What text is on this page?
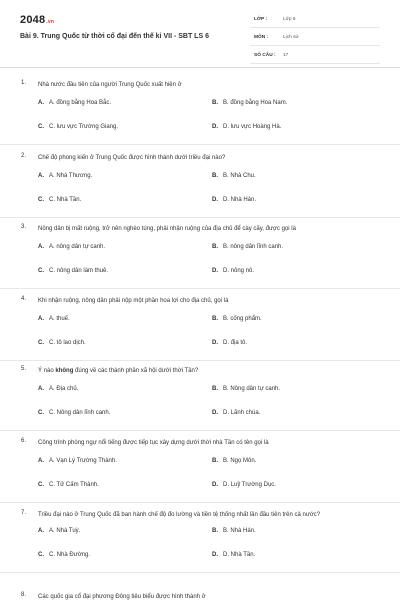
2048.vn
Bài 9. Trung Quốc từ thời cổ đại đến thế kỉ VII - SBT LS 6
LỚP :	Lớp 6
MÔN :	Lịch sử
SỐ CÂU : 17
1. Nhà nước đầu tiên của người Trung Quốc xuất hiện ở
A. A. đồng bằng Hoa Bắc.	B. B. đồng bằng Hoa Nam.
C. C. lưu vực Trường Giang.	D. D. lưu vực Hoàng Hà.
2. Chế độ phong kiến ở Trung Quốc được hình thành dưới triều đại nào?
A. A. Nhà Thương.	B. B. Nhà Chu.
C. C. Nhà Tần.	D. D. Nhà Hán.
3. Nông dân bị mất ruộng, trở nên nghèo túng, phải nhận ruộng của địa chủ để cày cấy, được gọi là
A. A. nông dân tự canh.	B. B. nông dân lĩnh canh.
C. C. nông dân làm thuê.	D. D. nông nô.
4. Khi nhận ruộng, nông dân phải nộp một phần hoa lợi cho địa chủ, gọi là
A. A. thuế.	B. B. cống phẩm.
C. C. tô lao dịch.	D. D. địa tô.
5. Ý nào không đúng về các thành phần xã hội dưới thời Tần?
A. A. Địa chủ.	B. B. Nông dân tự canh.
C. C. Nông dân lĩnh canh.	D. D. Lãnh chúa.
6. Công trình phòng ngự nổi tiếng được tiếp tục xây dựng dưới thời nhà Tần có tên gọi là
A. A. Vạn Lý Trường Thành.	B. B. Ngọ Môn.
C. C. Tử Cấm Thành.	D. D. Luỹ Trường Dục.
7. Triều đại nào ở Trung Quốc đã ban hành chế độ đo lường và tiền tệ thống nhất lần đầu tiên trên cả nước?
A. A. Nhà Tuỳ.	B. B. Nhà Hán.
C. C. Nhà Đường.	D. D. Nhà Tần.
8. Các quốc gia cổ đại phương Đông tiêu biểu được hình thành ở
